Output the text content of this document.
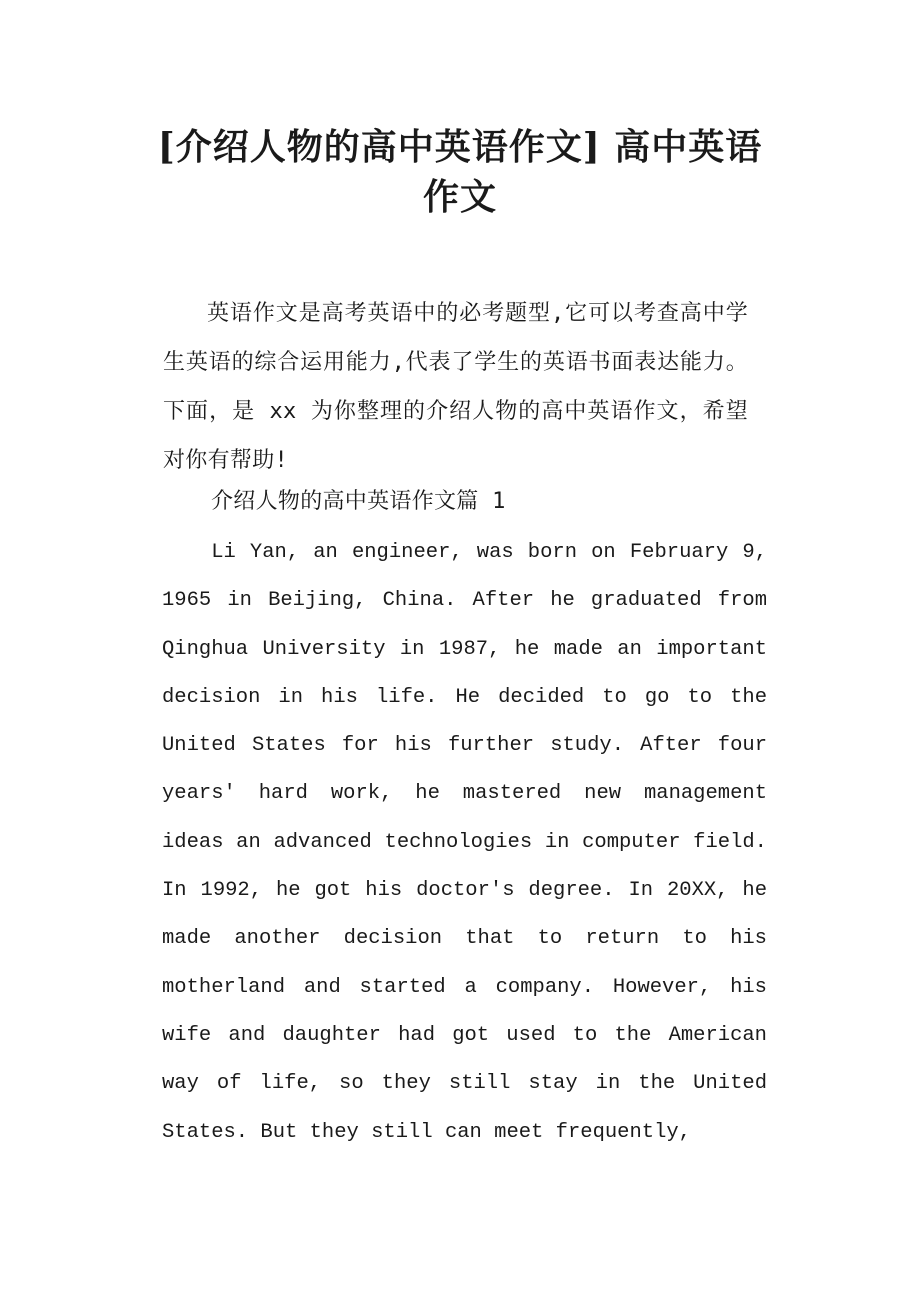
[介绍人物的高中英语作文] 高中英语作文

英语作文是高考英语中的必考题型,它可以考查高中学生英语的综合运用能力,代表了学生的英语书面表达能力。下面，是 xx 为你整理的介绍人物的高中英语作文，希望对你有帮助!

介绍人物的高中英语作文篇 1

Li Yan, an engineer, was born on February 9, 1965 in Beijing, China. After he graduated from Qinghua University in 1987, he made an important decision in his life. He decided to go to the United States for his further study. After four years' hard work, he mastered new management ideas an advanced technologies in computer field. In 1992, he got his doctor's degree. In 20XX, he made another decision that to return to his motherland and started a company. However, his wife and daughter had got used to the American way of life, so they still stay in the United States. But they still can meet frequently,
